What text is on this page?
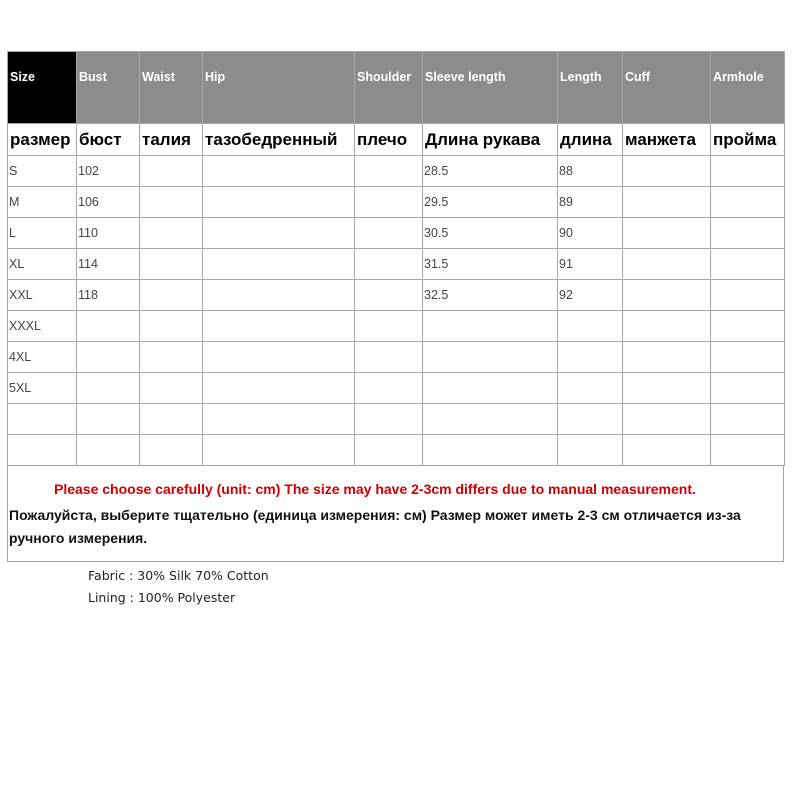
Size	Bust	Waist	Hip	Shoulder	Sleeve length	Length	Cuff	Armhole
размер	бюст	талия	тазобедренный	плечо	Длина рукава	длина	манжета	пройма
S	102				28.5	88		
M	106				29.5	89		
L	110				30.5	90		
XL	114				31.5	91		
XXL	118				32.5	92		
XXXL								
4XL								
5XL								

Please choose carefully (unit: cm) The size may have 2-3cm differs due to manual measurement.
Пожалуйста, выберите тщательно (единица измерения: см) Размер может иметь 2-3 см отличается из-за ручного измерения.
Fabric : 30% Silk 70% Cotton
Lining : 100% Polyester
